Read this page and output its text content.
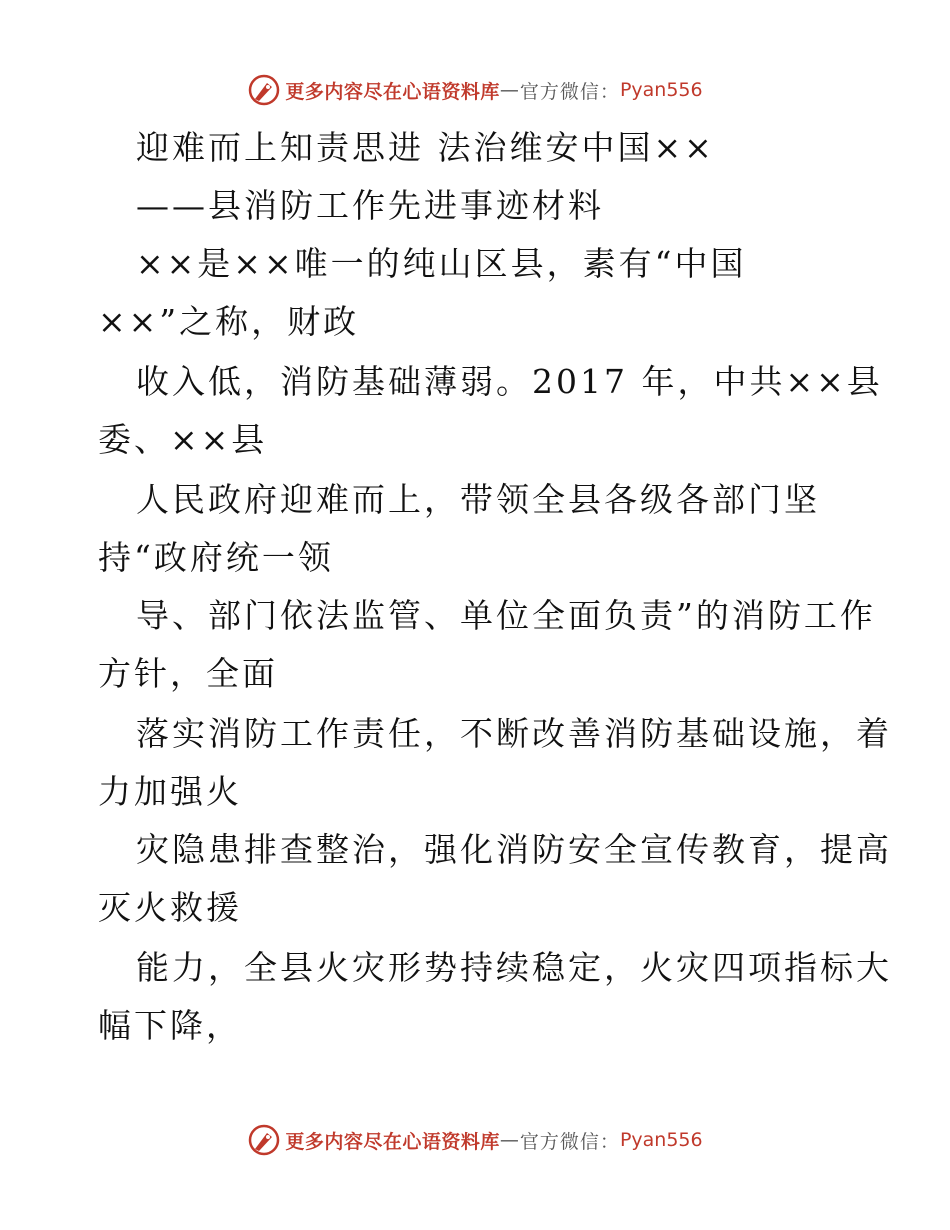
更多内容尽在心语资料库 — 官方微信： Pyan556
迎难而上知责思进 法治维安中国××
——县消防工作先进事迹材料
××是××唯一的纯山区县，素有“中国
××”之称，财政
收入低，消防基础薄弱。2017 年，中共××县
委、××县
人民政府迎难而上，带领全县各级各部门坚
持“政府统一领
导、部门依法监管、单位全面负责”的消防工作
方针，全面
落实消防工作责任，不断改善消防基础设施，着
力加强火
灾隐患排查整治，强化消防安全宣传教育，提高
灭火救援
能力，全县火灾形势持续稳定，火灾四项指标大
幅下降，
更多内容尽在心语资料库 — 官方微信： Pyan556
